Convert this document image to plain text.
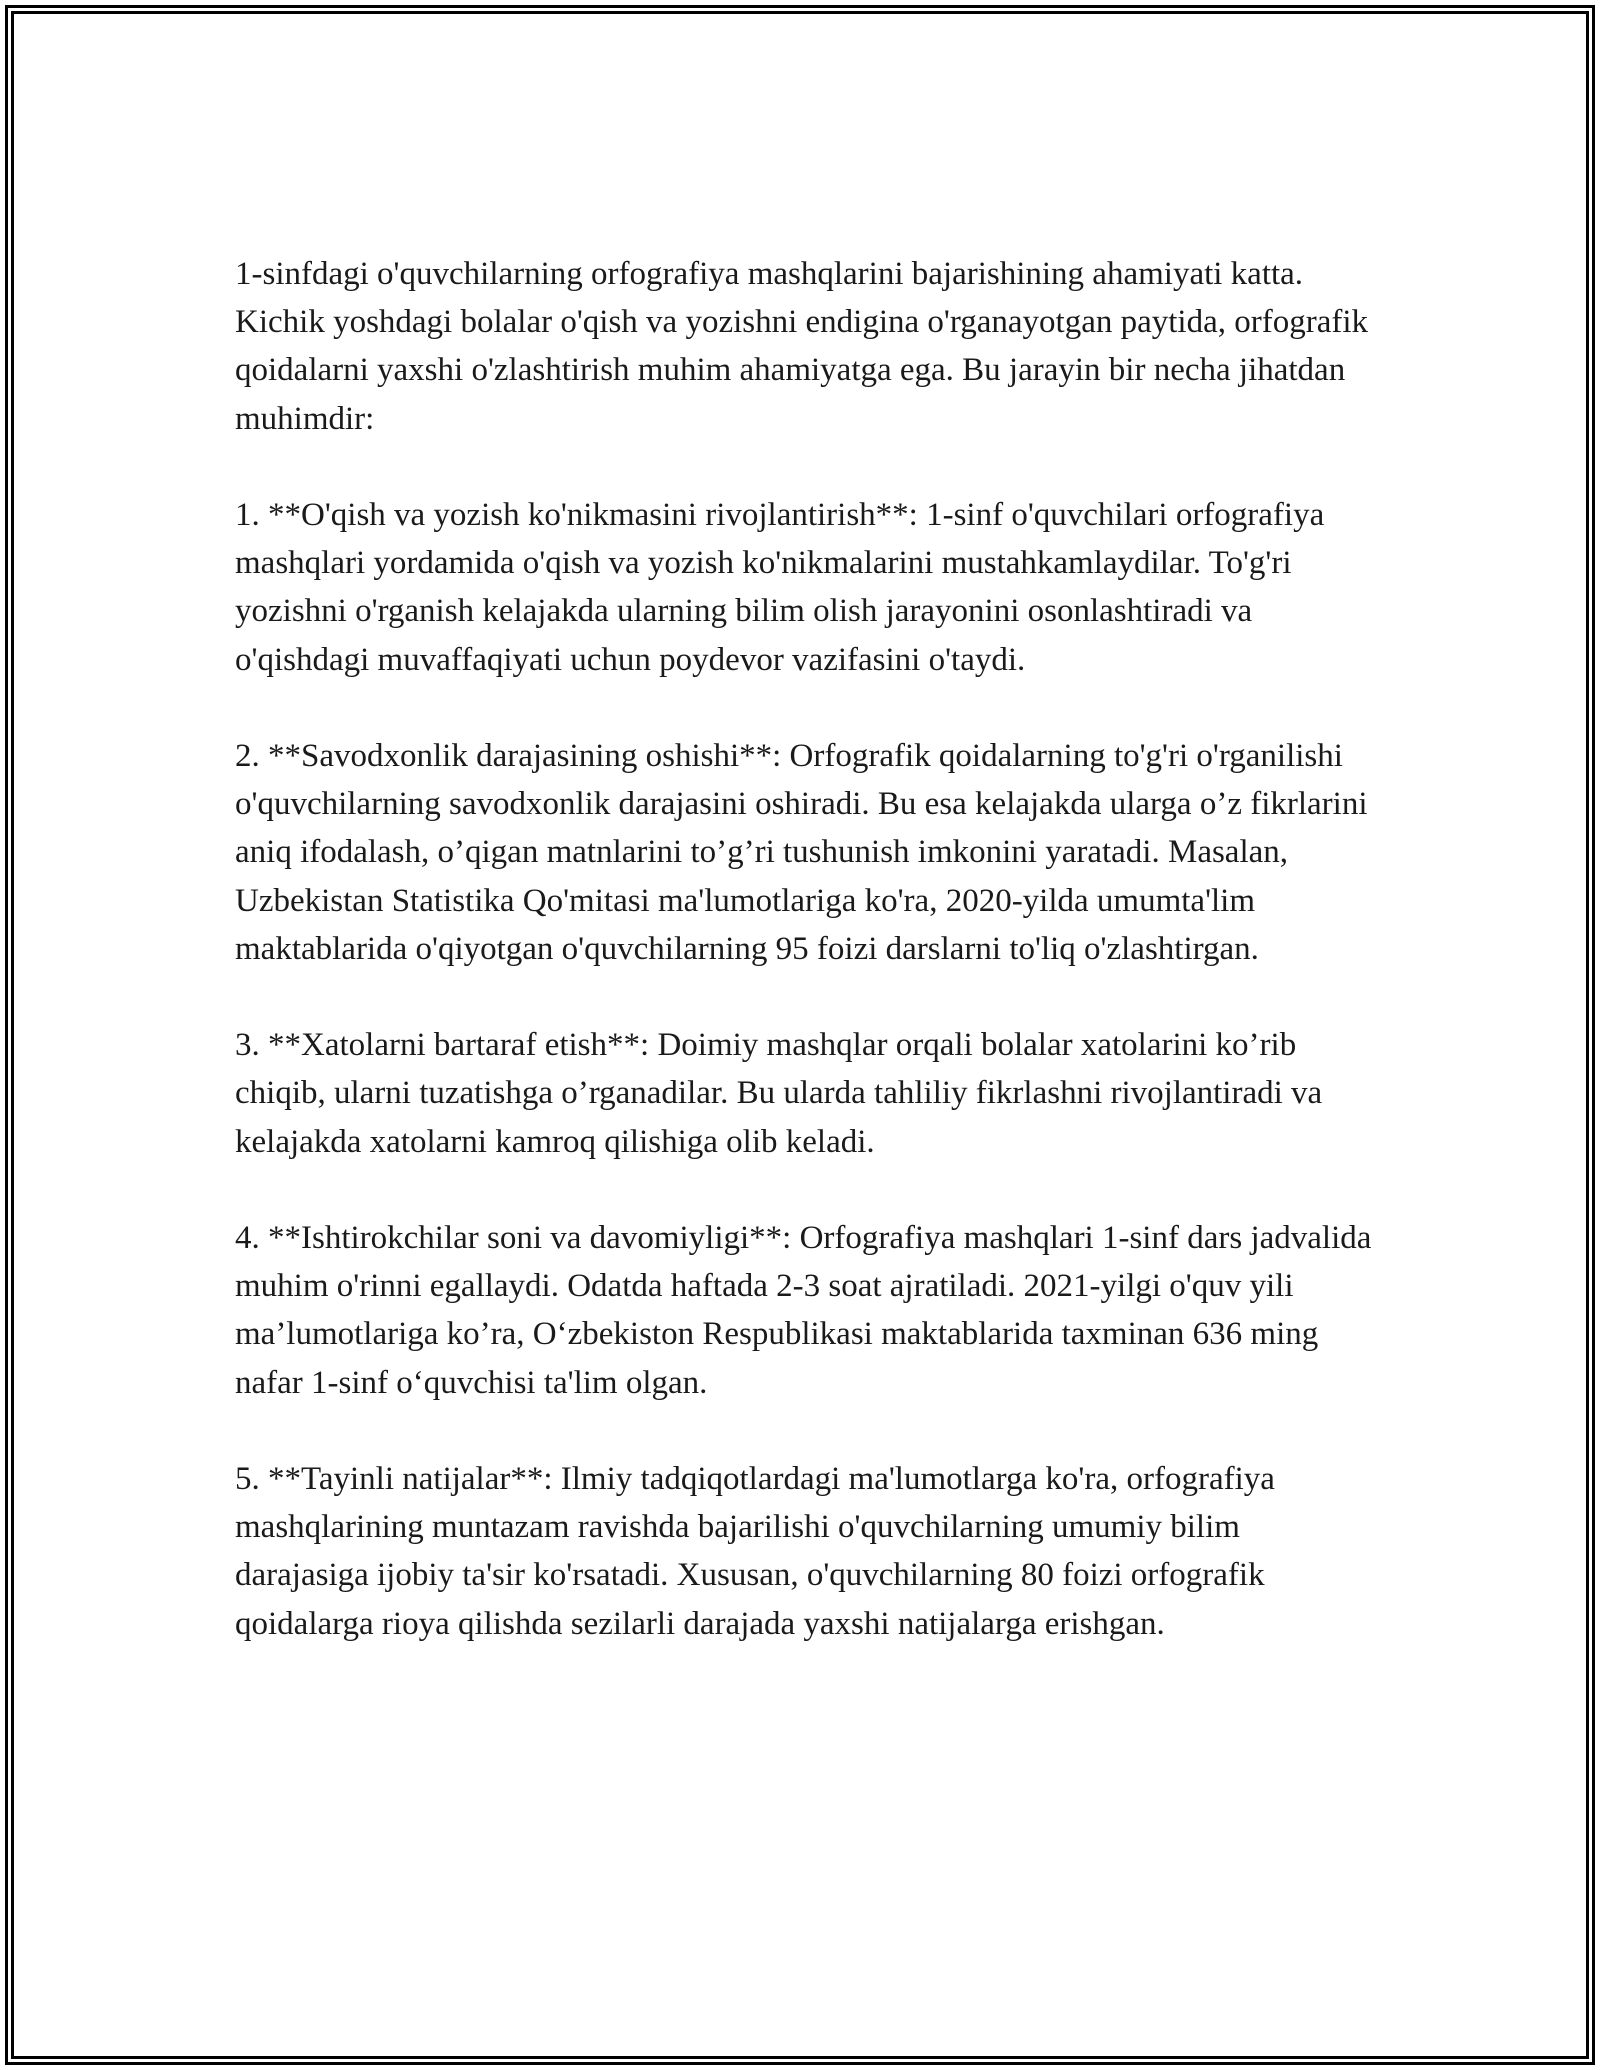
1-sinfdagi o'quvchilarning orfografiya mashqlarini bajarishining ahamiyati katta. Kichik yoshdagi bolalar o'qish va yozishni endigina o'rganayotgan paytida, orfografik qoidalarni yaxshi o'zlashtirish muhim ahamiyatga ega. Bu jarayin bir necha jihatdan muhimdir:

1. **O'qish va yozish ko'nikmasini rivojlantirish**: 1-sinf o'quvchilari orfografiya mashqlari yordamida o'qish va yozish ko'nikmalarini mustahkamlaydilar. To'g'ri yozishni o'rganish kelajakda ularning bilim olish jarayonini osonlashtiradi va o'qishdagi muvaffaqiyati uchun poydevor vazifasini o'taydi.

2. **Savodxonlik darajasining oshishi**: Orfografik qoidalarning to'g'ri o'rganilishi o'quvchilarning savodxonlik darajasini oshiradi. Bu esa kelajakda ularga o’z fikrlarini aniq ifodalash, o’qigan matnlarini to’g’ri tushunish imkonini yaratadi. Masalan, Uzbekistan Statistika Qo'mitasi ma'lumotlariga ko'ra, 2020-yilda umumta'lim maktablarida o'qiyotgan o'quvchilarning 95 foizi darslarni to'liq o'zlashtirgan.

3. **Xatolarni bartaraf etish**: Doimiy mashqlar orqali bolalar xatolarini ko’rib chiqib, ularni tuzatishga o’rganadilar. Bu ularda tahliliy fikrlashni rivojlantiradi va kelajakda xatolarni kamroq qilishiga olib keladi.

4. **Ishtirokchilar soni va davomiyligi**: Orfografiya mashqlari 1-sinf dars jadvalida muhim o'rinni egallaydi. Odatda haftada 2-3 soat ajratiladi. 2021-yilgi o'quv yili ma’lumotlariga ko’ra, O‘zbekiston Respublikasi maktablarida taxminan 636 ming nafar 1-sinf o‘quvchisi ta'lim olgan.

5. **Tayinli natijalar**: Ilmiy tadqiqotlardagi ma'lumotlarga ko'ra, orfografiya mashqlarining muntazam ravishda bajarilishi o'quvchilarning umumiy bilim darajasiga ijobiy ta'sir ko'rsatadi. Xususan, o'quvchilarning 80 foizi orfografik qoidalarga rioya qilishda sezilarli darajada yaxshi natijalarga erishgan.
